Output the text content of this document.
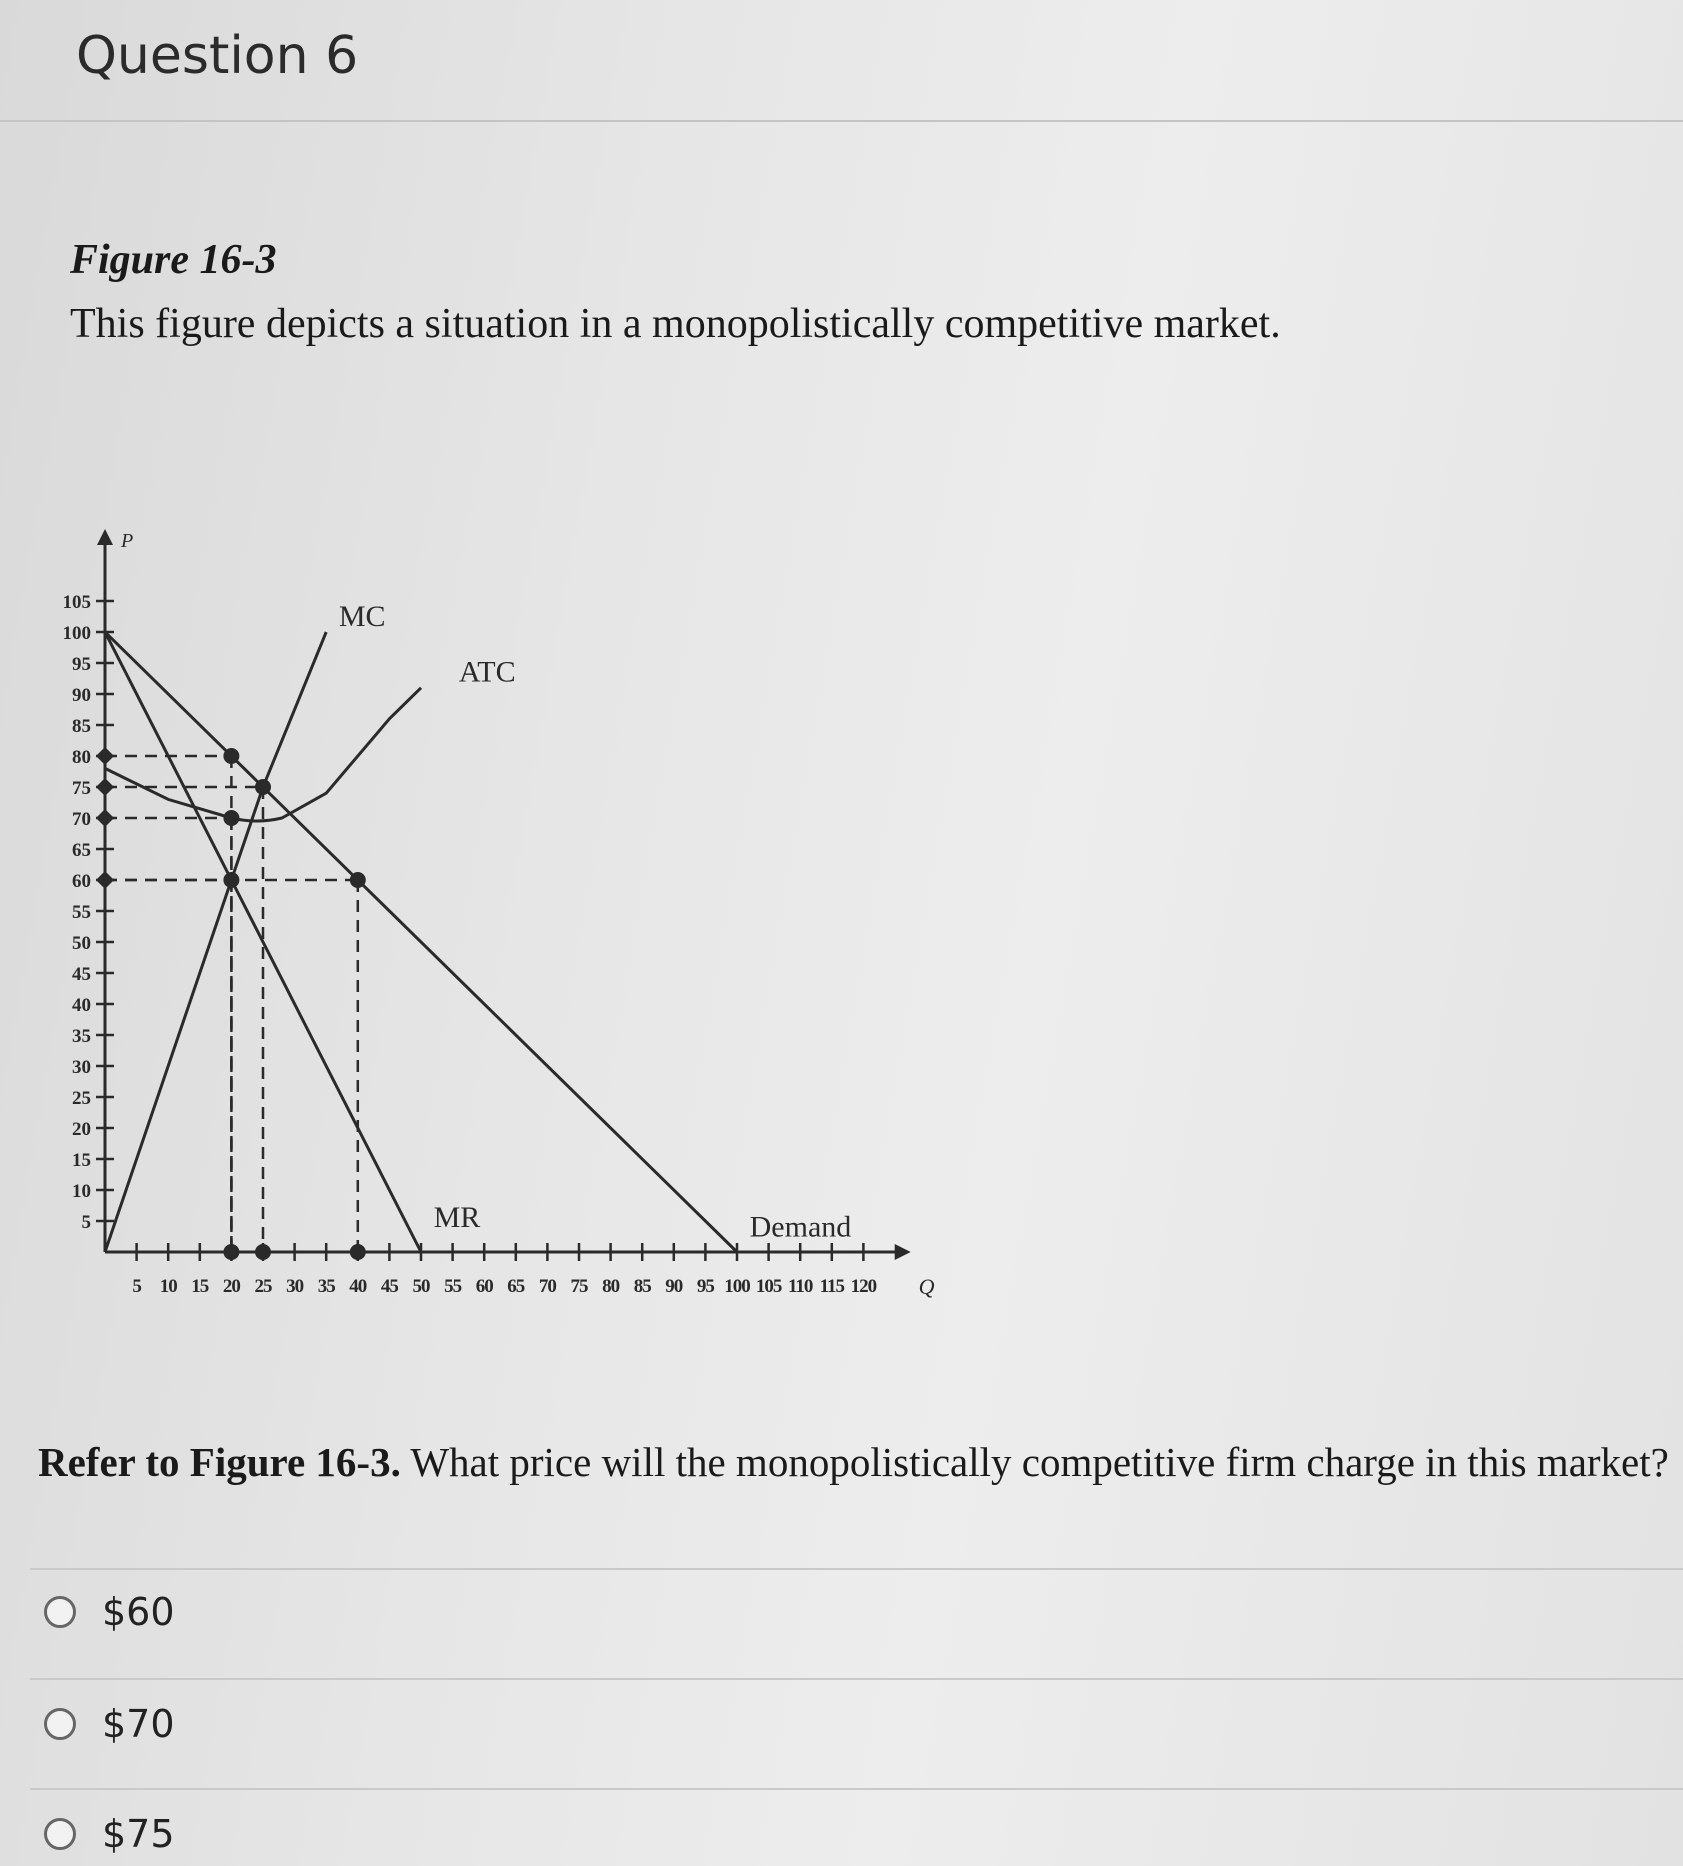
Question 6

Figure 16-3

This figure depicts a situation in a monopolistically competitive market.

P
Q
5
10
15
20
25
30
35
40
45
50
55
60
65
70
75
80
85
90
95
100
105
5 10 15 20 25 30 35 40 45 50 55 60 65 70 75 80 85 90 95 100 105 110 115 120
MC
ATC
MR	Demand

Refer to Figure 16-3. What price will the monopolistically competitive firm charge in this market?

$60
$70
$75
